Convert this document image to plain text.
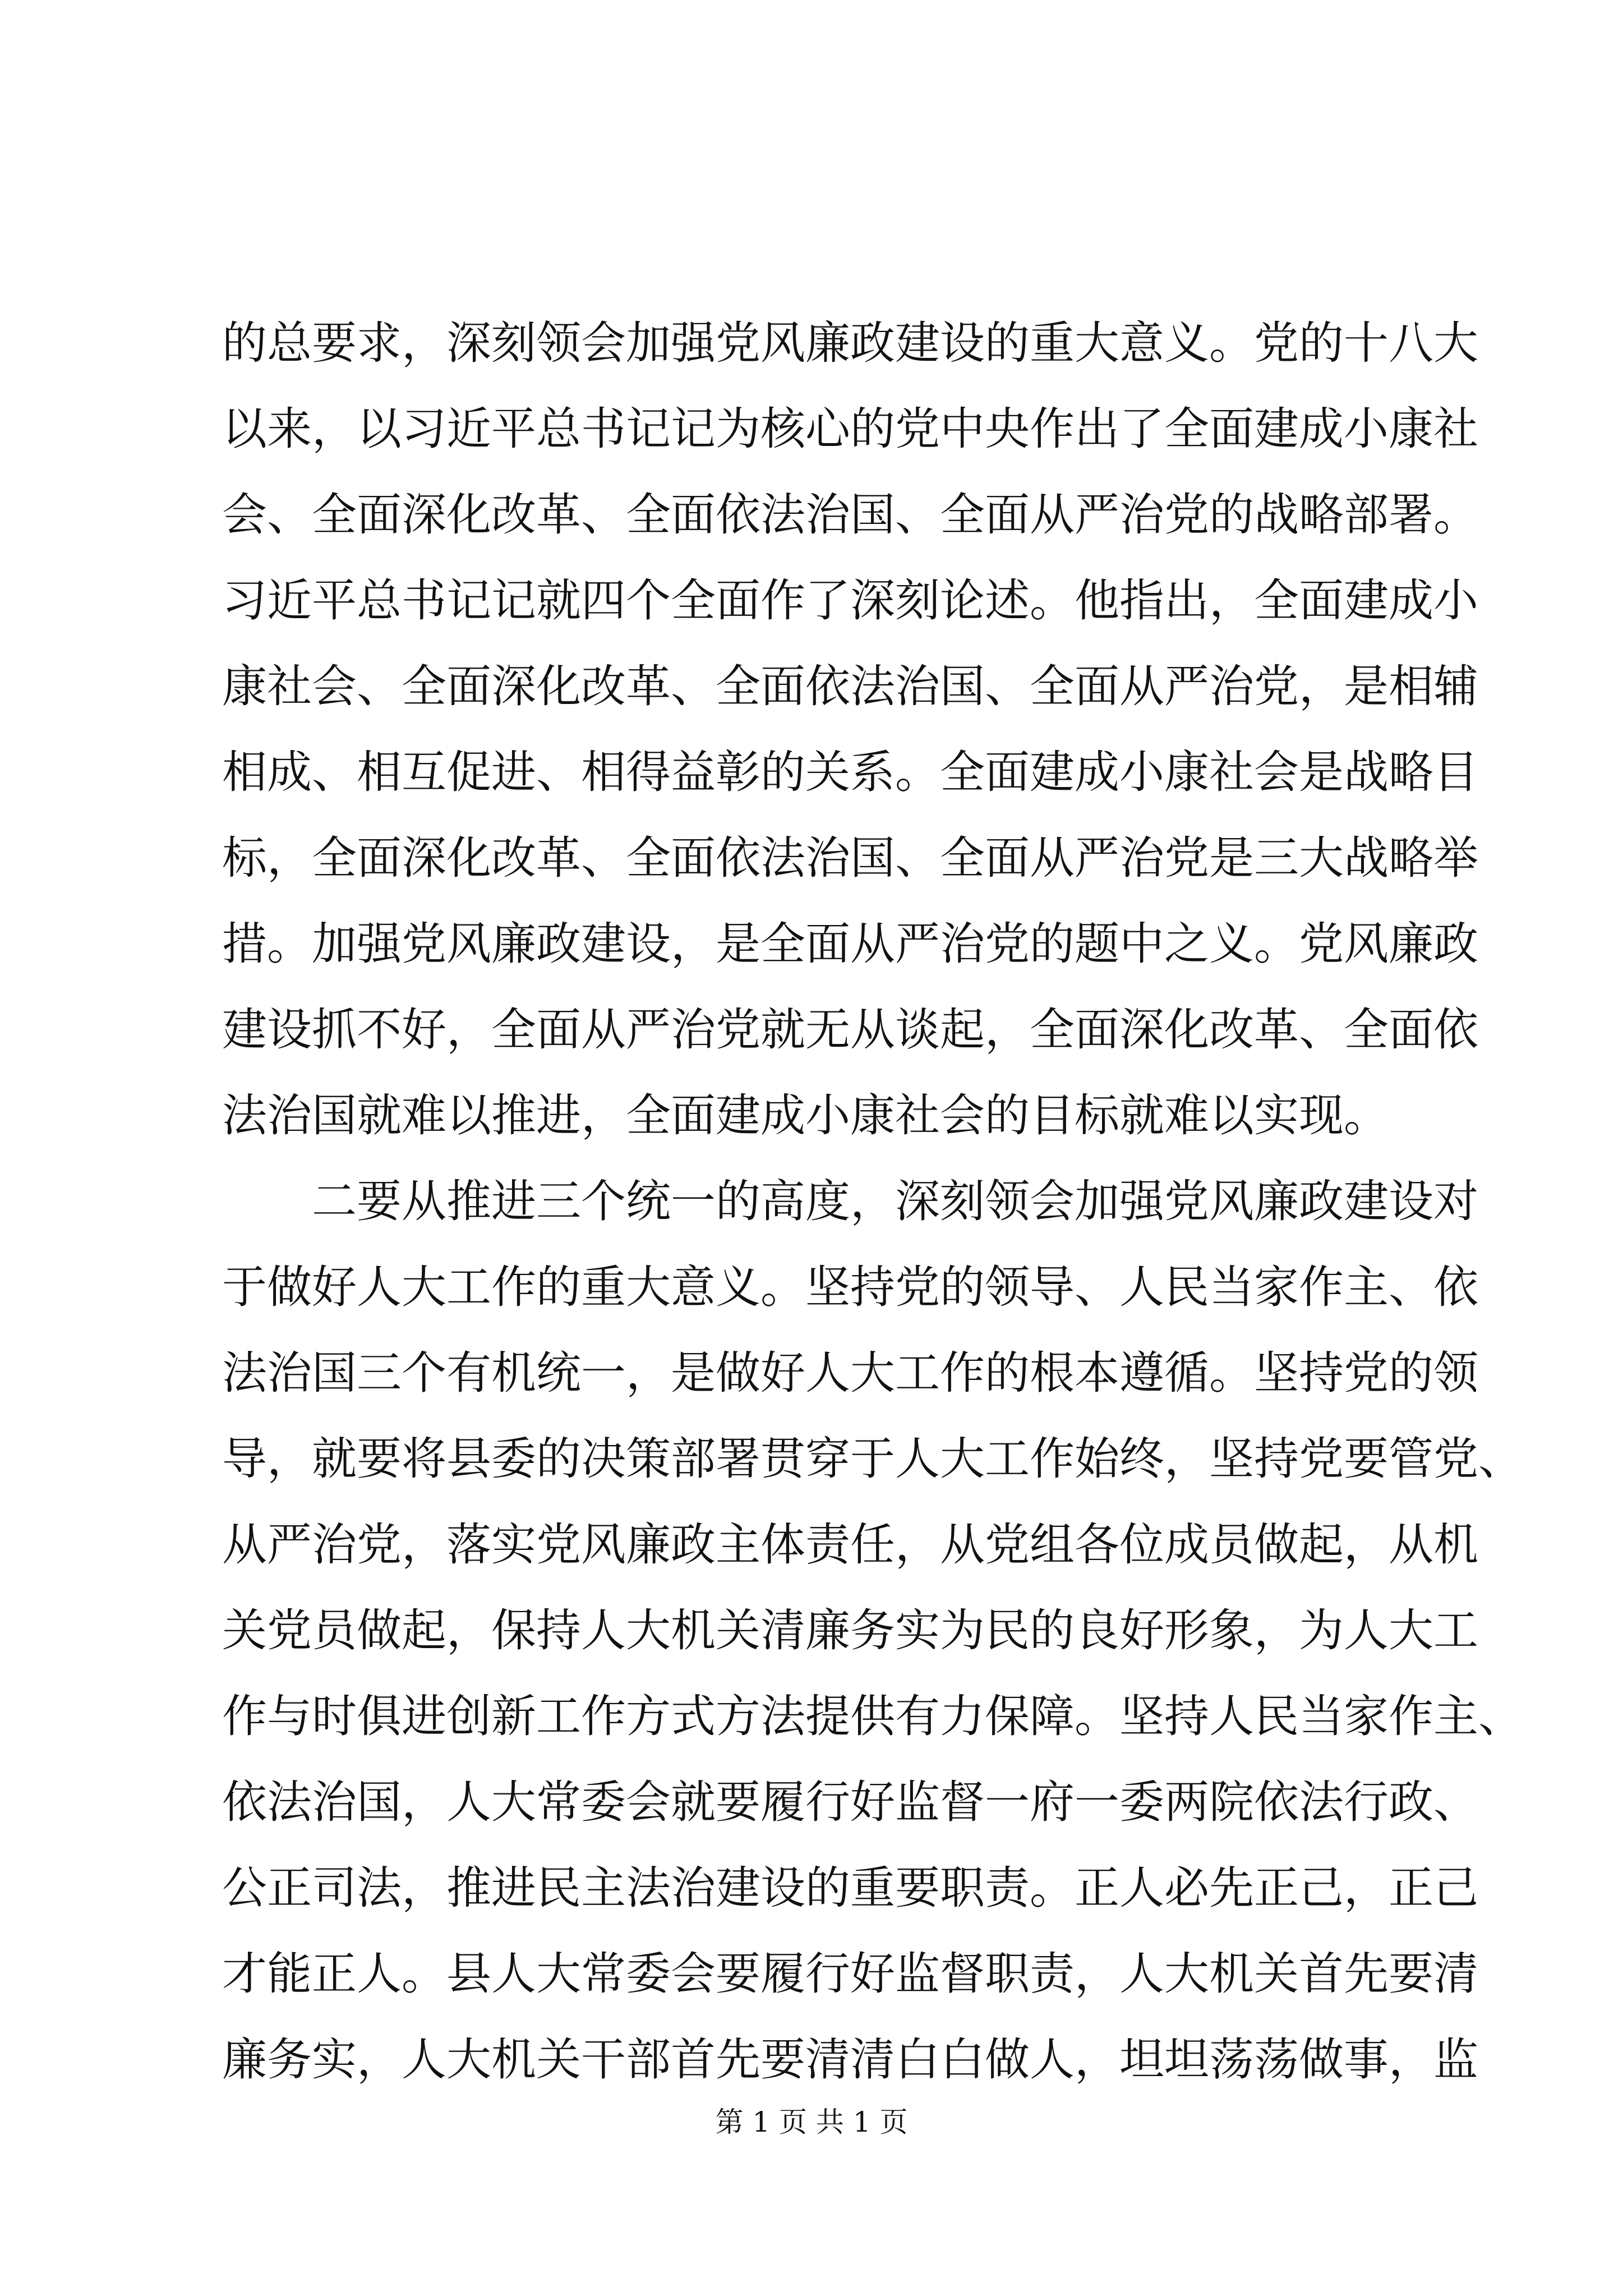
的总要求，深刻领会加强党风廉政建设的重大意义。党的十八大
以来，以习近平总书记记为核心的党中央作出了全面建成小康社
会、全面深化改革、全面依法治国、全面从严治党的战略部署。
习近平总书记记就四个全面作了深刻论述。他指出，全面建成小
康社会、全面深化改革、全面依法治国、全面从严治党，是相辅
相成、相互促进、相得益彰的关系。全面建成小康社会是战略目
标，全面深化改革、全面依法治国、全面从严治党是三大战略举
措。加强党风廉政建设，是全面从严治党的题中之义。党风廉政
建设抓不好，全面从严治党就无从谈起，全面深化改革、全面依
法治国就难以推进，全面建成小康社会的目标就难以实现。
二要从推进三个统一的高度，深刻领会加强党风廉政建设对
于做好人大工作的重大意义。坚持党的领导、人民当家作主、依
法治国三个有机统一，是做好人大工作的根本遵循。坚持党的领
导，就要将县委的决策部署贯穿于人大工作始终，坚持党要管党、
从严治党，落实党风廉政主体责任，从党组各位成员做起，从机
关党员做起，保持人大机关清廉务实为民的良好形象，为人大工
作与时俱进创新工作方式方法提供有力保障。坚持人民当家作主、
依法治国，人大常委会就要履行好监督一府一委两院依法行政、
公正司法，推进民主法治建设的重要职责。正人必先正己，正己
才能正人。县人大常委会要履行好监督职责，人大机关首先要清
廉务实，人大机关干部首先要清清白白做人，坦坦荡荡做事，监
第 1 页 共 1 页
